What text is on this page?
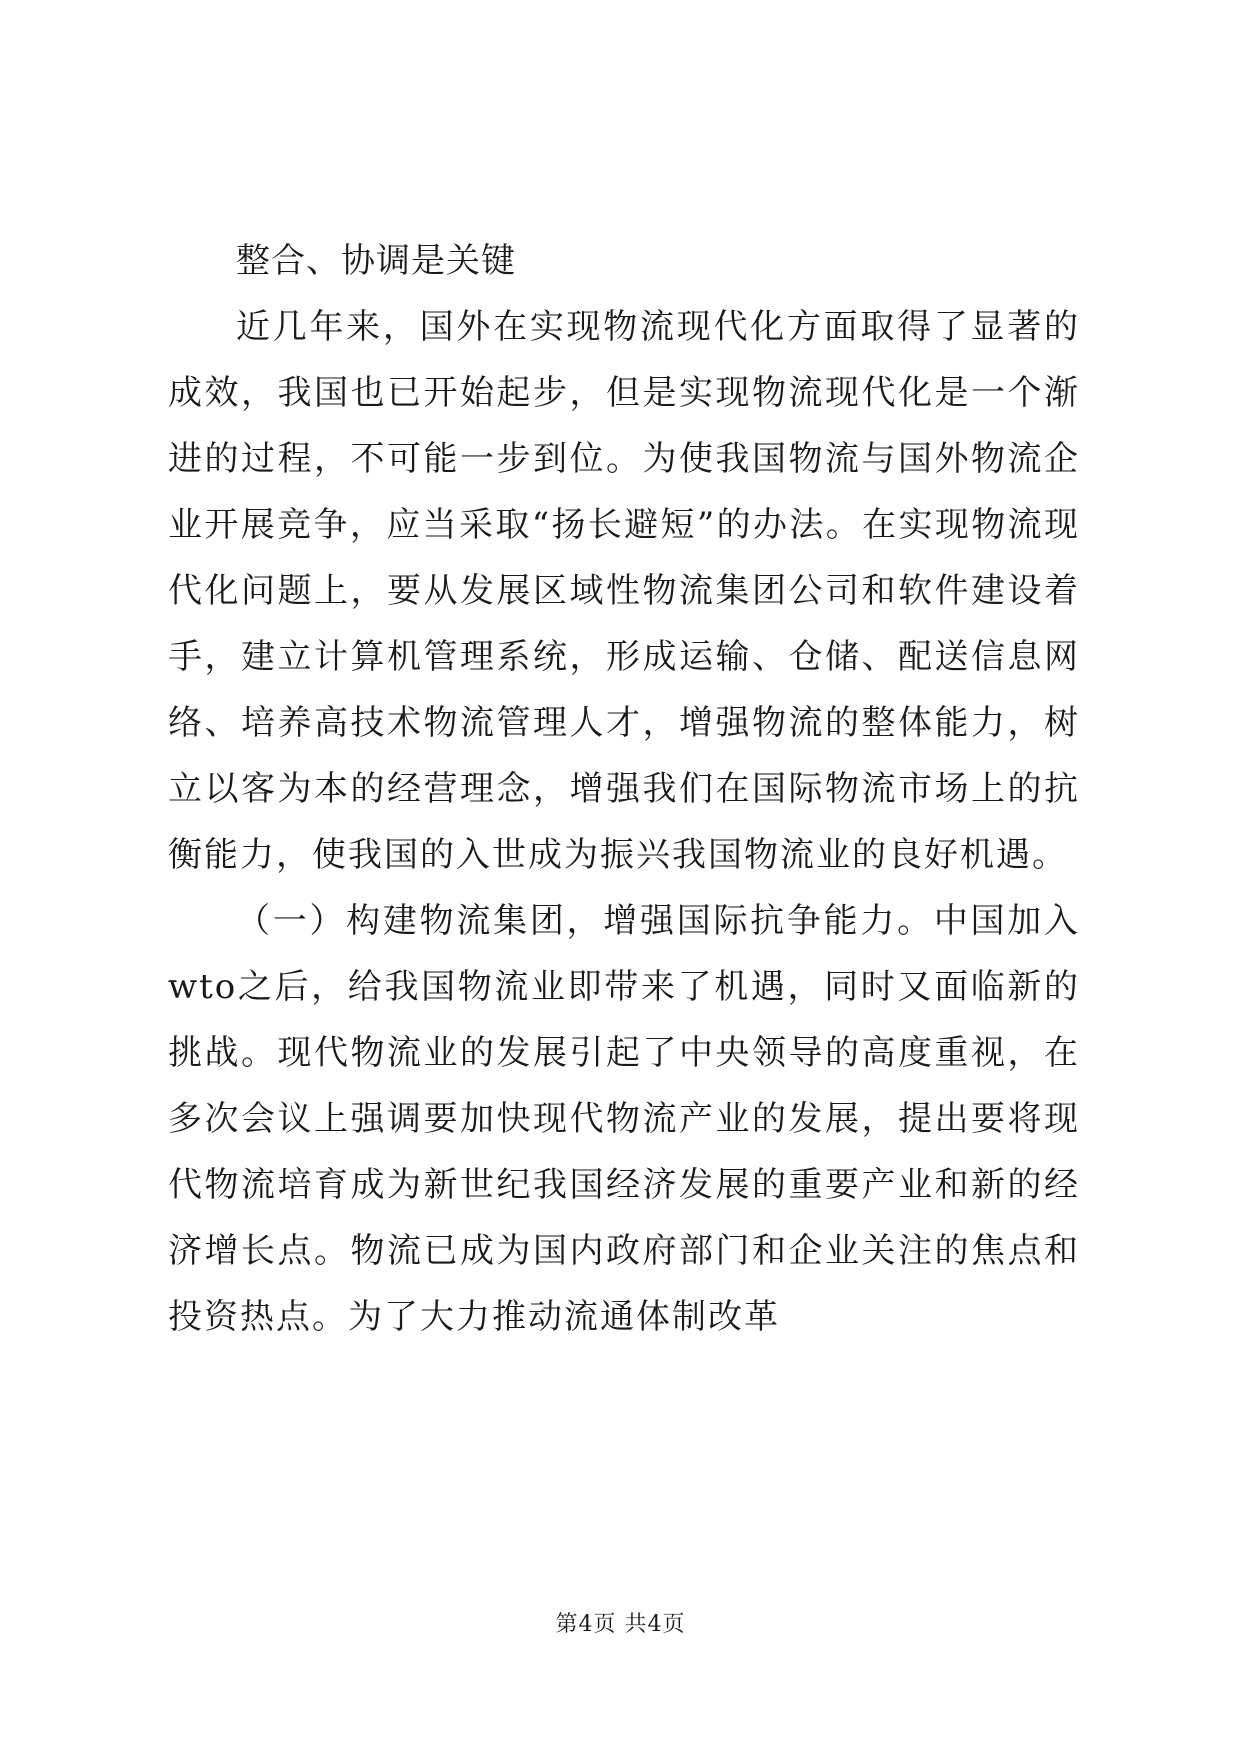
整合、协调是关键

近几年来，国外在实现物流现代化方面取得了显著的成效，我国也已开始起步，但是实现物流现代化是一个渐进的过程，不可能一步到位。为使我国物流与国外物流企业开展竞争，应当采取“扬长避短”的办法。在实现物流现代化问题上，要从发展区域性物流集团公司和软件建设着手，建立计算机管理系统，形成运输、仓储、配送信息网络、培养高技术物流管理人才，增强物流的整体能力，树立以客为本的经营理念，增强我们在国际物流市场上的抗衡能力，使我国的入世成为振兴我国物流业的良好机遇。

（一）构建物流集团，增强国际抗争能力。中国加入wto之后，给我国物流业即带来了机遇，同时又面临新的挑战。现代物流业的发展引起了中央领导的高度重视，在多次会议上强调要加快现代物流产业的发展，提出要将现代物流培育成为新世纪我国经济发展的重要产业和新的经济增长点。物流已成为国内政府部门和企业关注的焦点和投资热点。为了大力推动流通体制改革

第4页 共4页
